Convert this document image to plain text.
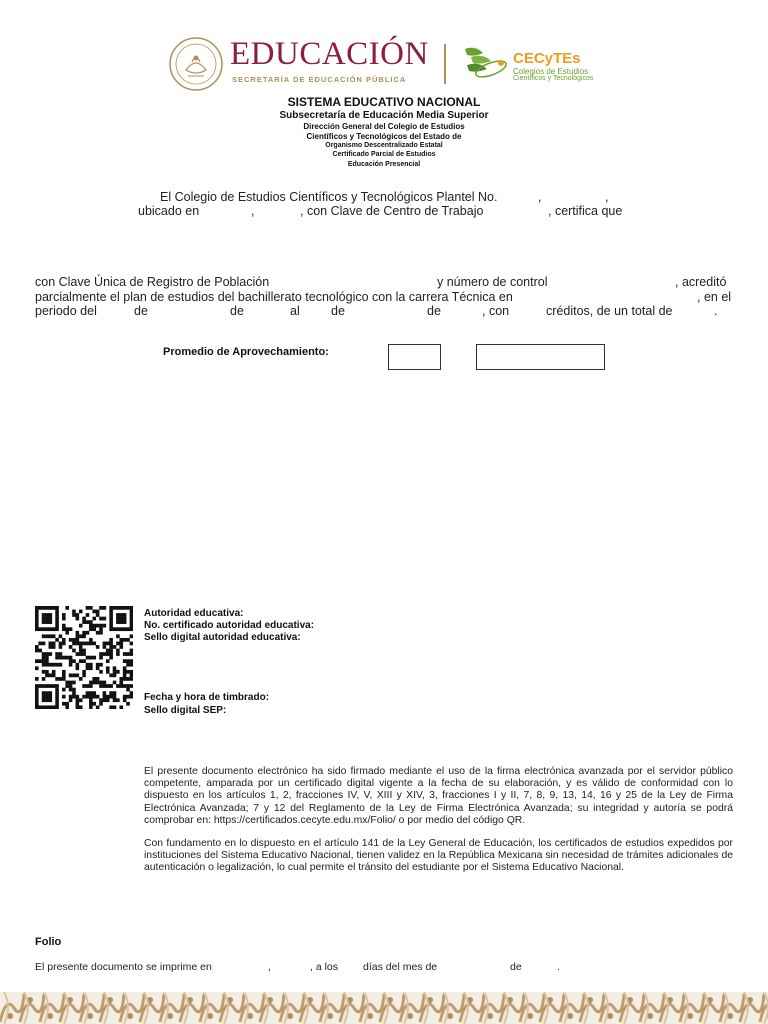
EDUCACIÓN
SECRETARÍA DE EDUCACIÓN PÚBLICA
CECyTEs
Colegios de Estudios
Científicos y Tecnológicos
SISTEMA EDUCATIVO NACIONAL
Subsecretaría de Educación Media Superior
Dirección General del Colegio de Estudios
Científicos y Tecnológicos del Estado de
Organismo Descentralizado Estatal
Certificado Parcial de Estudios
Educación Presencial
El Colegio de Estudios Científicos y Tecnológicos Plantel No.	,	,
ubicado en	,	, con Clave de Centro de Trabajo	, certifica que
con Clave Única de Registro de Población	y número de control	, acreditó
parcialmente el plan de estudios del bachillerato tecnológico con la carrera Técnica en	, en el
periodo del	de	de	al	de	de	, con	créditos, de un total de	.
Promedio de Aprovechamiento:
Autoridad educativa:
No. certificado autoridad educativa:
Sello digital autoridad educativa:
Fecha y hora de timbrado:
Sello digital SEP:
El presente documento electrónico ha sido firmado mediante el uso de la firma electrónica avanzada por el servidor público competente, amparada por un certificado digital vigente a la fecha de su elaboración, y es válido de conformidad con lo dispuesto en los artículos 1, 2, fracciones IV, V, XIII y XIV, 3, fracciones I y II, 7, 8, 9, 13, 14, 16 y 25 de la Ley de Firma Electrónica Avanzada; 7 y 12 del Reglamento de la Ley de Firma Electrónica Avanzada; su integridad y autoría se podrá comprobar en: https://certificados.cecyte.edu.mx/Folio/ o por medio del código QR.
Con fundamento en lo dispuesto en el artículo 141 de la Ley General de Educación, los certificados de estudios expedidos por instituciones del Sistema Educativo Nacional, tienen validez en la República Mexicana sin necesidad de trámites adicionales de autenticación o legalización, lo cual permite el tránsito del estudiante por el Sistema Educativo Nacional.
Folio
El presente documento se imprime en	,	, a los días del mes de	de	.
